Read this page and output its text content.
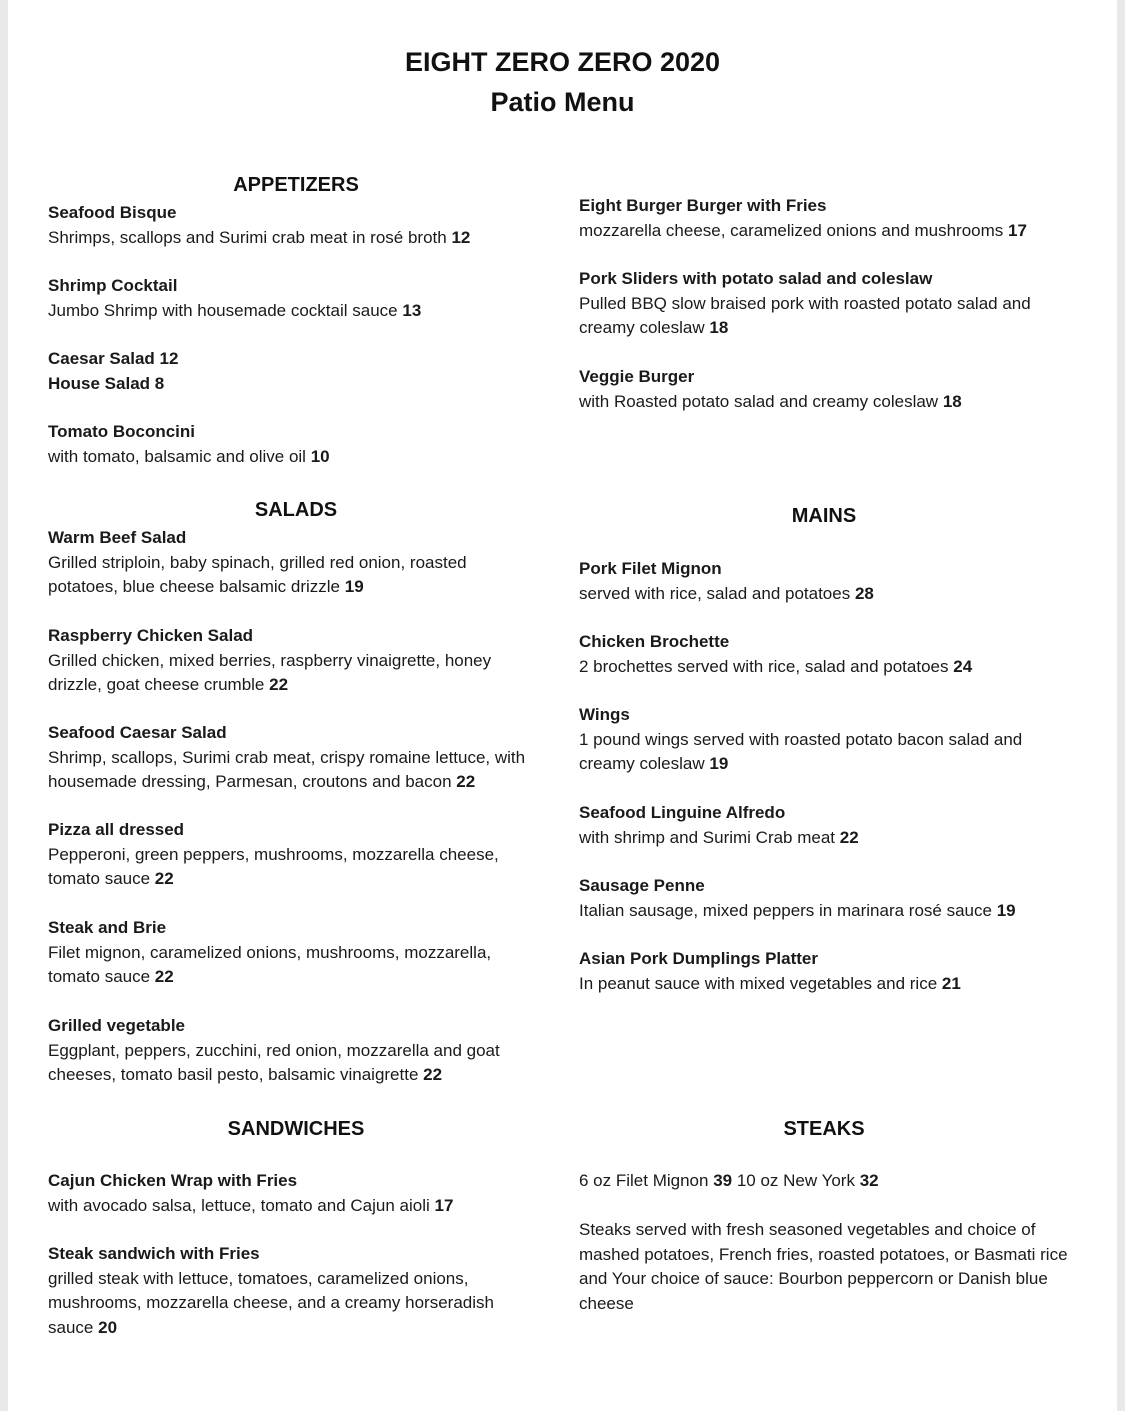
EIGHT ZERO ZERO 2020
Patio Menu
APPETIZERS
Seafood Bisque
Shrimps, scallops and Surimi crab meat in rosé broth 12
Shrimp Cocktail
Jumbo Shrimp with housemade cocktail sauce 13
Caesar Salad 12
House Salad 8
Tomato Boconcini
with tomato, balsamic and olive oil 10
SALADS
Warm Beef Salad
Grilled striploin, baby spinach, grilled red onion, roasted potatoes, blue cheese balsamic drizzle 19
Raspberry Chicken Salad
Grilled chicken, mixed berries, raspberry vinaigrette, honey drizzle, goat cheese crumble 22
Seafood Caesar Salad
Shrimp, scallops, Surimi crab meat, crispy romaine lettuce, with housemade dressing, Parmesan, croutons and bacon 22
Pizza all dressed
Pepperoni, green peppers, mushrooms, mozzarella cheese, tomato sauce 22
Steak and Brie
Filet mignon, caramelized onions, mushrooms, mozzarella, tomato sauce 22
Grilled vegetable
Eggplant, peppers, zucchini, red onion, mozzarella and goat cheeses, tomato basil pesto, balsamic vinaigrette 22
SANDWICHES
Cajun Chicken Wrap with Fries
with avocado salsa, lettuce, tomato and Cajun aioli 17
Steak sandwich with Fries
grilled steak with lettuce, tomatoes, caramelized onions, mushrooms, mozzarella cheese, and a creamy horseradish sauce 20
Eight Burger Burger with Fries
mozzarella cheese, caramelized onions and mushrooms 17
Pork Sliders with potato salad and coleslaw
Pulled BBQ slow braised pork with roasted potato salad and creamy coleslaw 18
Veggie Burger
with Roasted potato salad and creamy coleslaw 18
MAINS
Pork Filet Mignon
served with rice, salad and potatoes 28
Chicken Brochette
2 brochettes served with rice, salad and potatoes 24
Wings
1 pound wings served with roasted potato bacon salad and creamy coleslaw 19
Seafood Linguine Alfredo
with shrimp and Surimi Crab meat 22
Sausage Penne
Italian sausage, mixed peppers in marinara rosé sauce 19
Asian Pork Dumplings Platter
In peanut sauce with mixed vegetables and rice 21
STEAKS
6 oz Filet Mignon 39 10 oz New York 32
Steaks served with fresh seasoned vegetables and choice of mashed potatoes, French fries, roasted potatoes, or Basmati rice and Your choice of sauce: Bourbon peppercorn or Danish blue cheese
